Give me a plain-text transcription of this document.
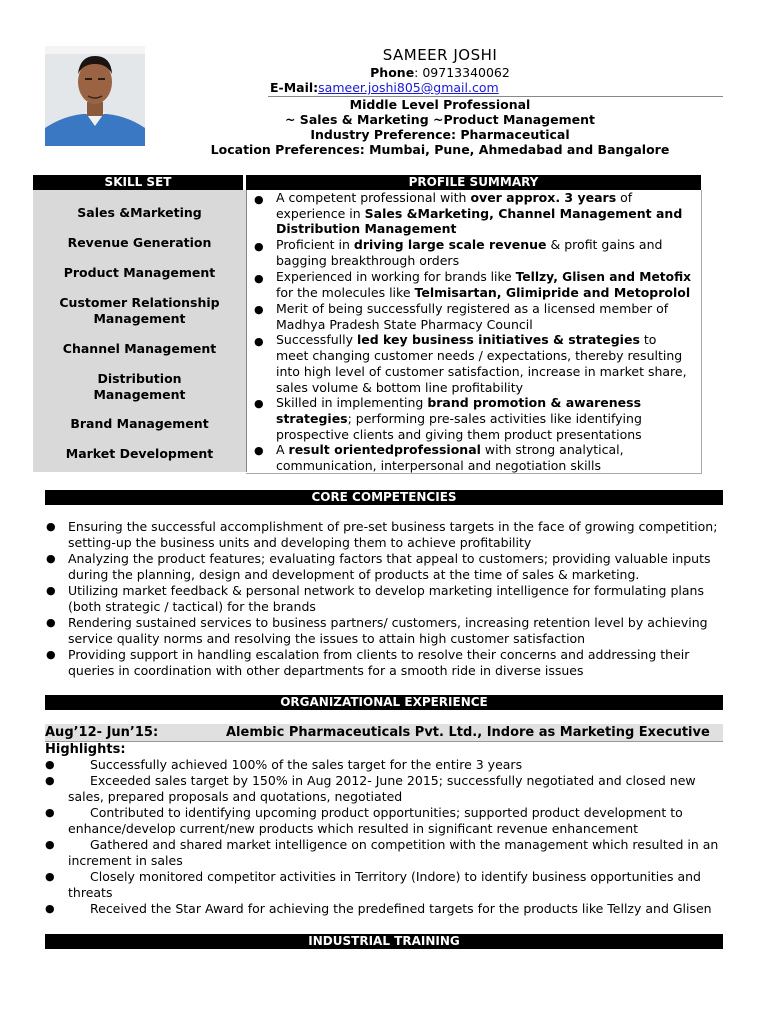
SAMEER JOSHI
Phone: 09713340062
E-Mail:sameer.joshi805@gmail.com
Middle Level Professional
~ Sales & Marketing ~Product Management
Industry Preference: Pharmaceutical
Location Preferences: Mumbai, Pune, Ahmedabad and Bangalore
SKILL SET	PROFILE SUMMARY
Sales &Marketing
Revenue Generation
Product Management
Customer Relationship
Management
Channel Management
Distribution
Management
Brand Management
Market Development
●
●
●
●
●
●
●
A competent professional with over approx. 3 years of
experience in Sales &Marketing, Channel Management and
Distribution Management
Proficient in driving large scale revenue & profit gains and
bagging breakthrough orders
Experienced in working for brands like Tellzy, Glisen and Metofix
for the molecules like Telmisartan, Glimipride and Metoprolol
Merit of being successfully registered as a licensed member of
Madhya Pradesh State Pharmacy Council
Successfully led key business initiatives & strategies to
meet changing customer needs / expectations, thereby resulting
into high level of customer satisfaction, increase in market share,
sales volume & bottom line profitability
Skilled in implementing brand promotion & awareness
strategies; performing pre-sales activities like identifying
prospective clients and giving them product presentations
A result orientedprofessional with strong analytical,
communication, interpersonal and negotiation skills
CORE COMPETENCIES
●
●
●
●
●
Ensuring the successful accomplishment of pre-set business targets in the face of growing competition;
setting-up the business units and developing them to achieve profitability
Analyzing the product features; evaluating factors that appeal to customers; providing valuable inputs
during the planning, design and development of products at the time of sales & marketing.
Utilizing market feedback & personal network to develop marketing intelligence for formulating plans
(both strategic / tactical) for the brands
Rendering sustained services to business partners/ customers, increasing retention level by achieving
service quality norms and resolving the issues to attain high customer satisfaction
Providing support in handling escalation from clients to resolve their concerns and addressing their
queries in coordination with other departments for a smooth ride in diverse issues
ORGANIZATIONAL EXPERIENCE
Aug’12- Jun’15:	Alembic Pharmaceuticals Pvt. Ltd., Indore as Marketing Executive
Highlights:
●
●
●
●
●
●
Successfully achieved 100% of the sales target for the entire 3 years
Exceeded sales target by 150% in Aug 2012- June 2015; successfully negotiated and closed new
sales, prepared proposals and quotations, negotiated
Contributed to identifying upcoming product opportunities; supported product development to
enhance/develop current/new products which resulted in significant revenue enhancement
Gathered and shared market intelligence on competition with the management which resulted in an
increment in sales
Closely monitored competitor activities in Territory (Indore) to identify business opportunities and
threats
Received the Star Award for achieving the predefined targets for the products like Tellzy and Glisen
INDUSTRIAL TRAINING
